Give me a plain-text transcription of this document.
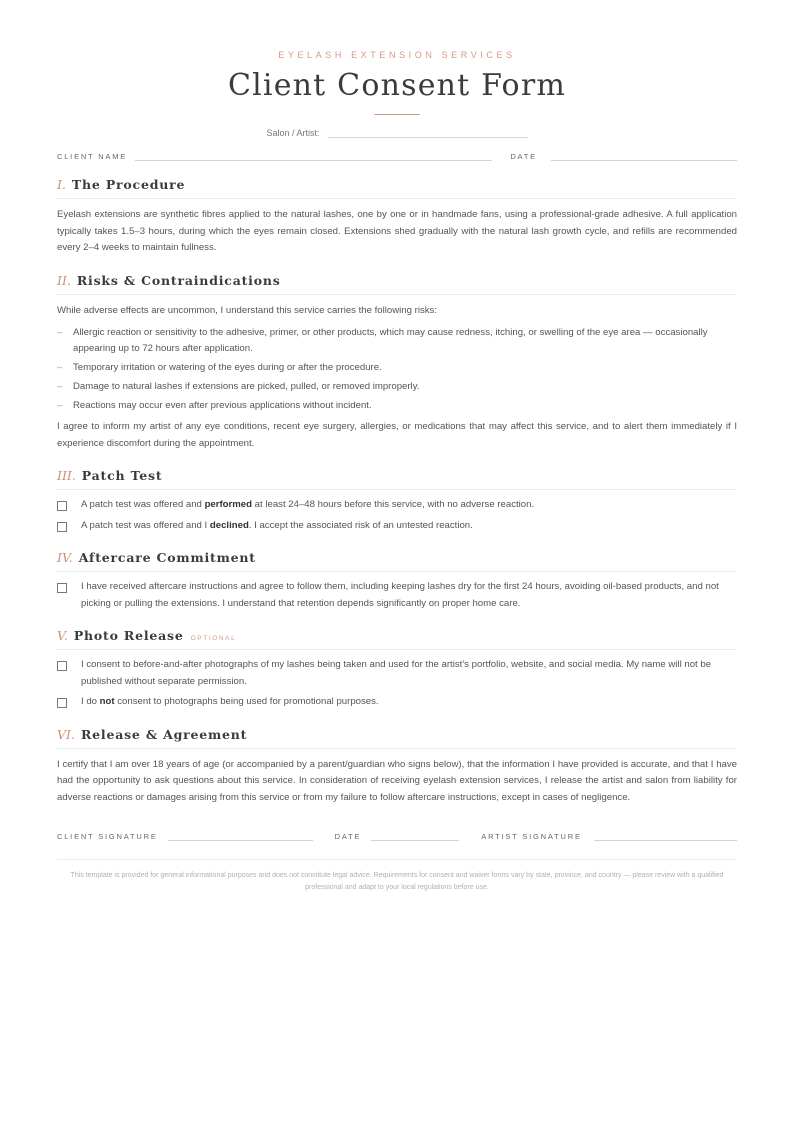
EYELASH EXTENSION SERVICES
Client Consent Form
Salon / Artist:
CLIENT NAME	DATE
I. The Procedure

Eyelash extensions are synthetic fibres applied to the natural lashes, one by one or in handmade fans, using a professional-grade adhesive. A full application typically takes 1.5–3 hours, during which the eyes remain closed. Extensions shed gradually with the natural lash growth cycle, and refills are recommended every 2–4 weeks to maintain fullness.

II. Risks & Contraindications

While adverse effects are uncommon, I understand this service carries the following risks:

– Allergic reaction or sensitivity to the adhesive, primer, or other products, which may cause redness, itching, or swelling of the eye area — occasionally appearing up to 72 hours after application.
– Temporary irritation or watering of the eyes during or after the procedure.
– Damage to natural lashes if extensions are picked, pulled, or removed improperly.
– Reactions may occur even after previous applications without incident.

I agree to inform my artist of any eye conditions, recent eye surgery, allergies, or medications that may affect this service, and to alert them immediately if I experience discomfort during the appointment.

III. Patch Test
A patch test was offered and performed at least 24–48 hours before this service, with no adverse reaction.
A patch test was offered and I declined. I accept the associated risk of an untested reaction.
IV. Aftercare Commitment
I have received aftercare instructions and agree to follow them, including keeping lashes dry for the first 24 hours, avoiding oil-based products, and not picking or pulling the extensions. I understand that retention depends significantly on proper home care.
V. Photo Release OPTIONAL
I consent to before-and-after photographs of my lashes being taken and used for the artist's portfolio, website, and social media. My name will not be published without separate permission.
I do not consent to photographs being used for promotional purposes.
VI. Release & Agreement

I certify that I am over 18 years of age (or accompanied by a parent/guardian who signs below), that the information I have provided is accurate, and that I have had the opportunity to ask questions about this service. In consideration of receiving eyelash extension services, I release the artist and salon from liability for adverse reactions or damages arising from this service or from my failure to follow aftercare instructions, except in cases of negligence.

CLIENT SIGNATURE	DATE	ARTIST SIGNATURE
This template is provided for general informational purposes and does not constitute legal advice. Requirements for consent and waiver forms vary by state, province, and country — please review with a qualified professional and adapt to your local regulations before use.
